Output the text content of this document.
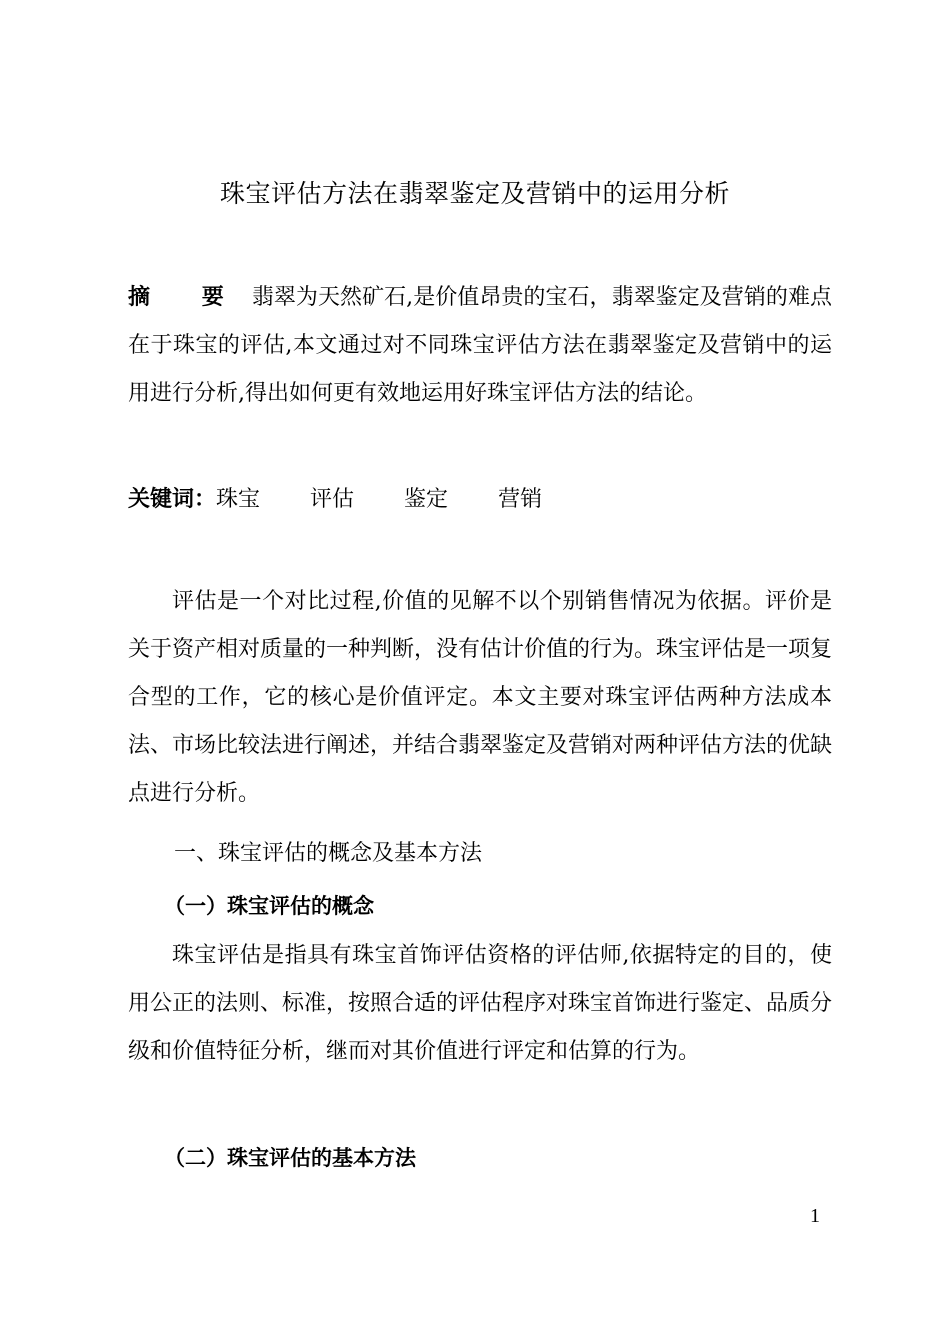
珠宝评估方法在翡翠鉴定及营销中的运用分析
摘 要 翡翠为天然矿石,是价值昂贵的宝石，翡翠鉴定及营销的难点在于珠宝的评估,本文通过对不同珠宝评估方法在翡翠鉴定及营销中的运用进行分析,得出如何更有效地运用好珠宝评估方法的结论。
关键词：珠宝 评估 鉴定 营销
评估是一个对比过程,价值的见解不以个别销售情况为依据。评价是关于资产相对质量的一种判断，没有估计价值的行为。珠宝评估是一项复合型的工作，它的核心是价值评定。本文主要对珠宝评估两种方法成本法、市场比较法进行阐述，并结合翡翠鉴定及营销对两种评估方法的优缺点进行分析。
一、珠宝评估的概念及基本方法
（一）珠宝评估的概念
珠宝评估是指具有珠宝首饰评估资格的评估师,依据特定的目的，使用公正的法则、标准，按照合适的评估程序对珠宝首饰进行鉴定、品质分级和价值特征分析，继而对其价值进行评定和估算的行为。
（二）珠宝评估的基本方法
1
